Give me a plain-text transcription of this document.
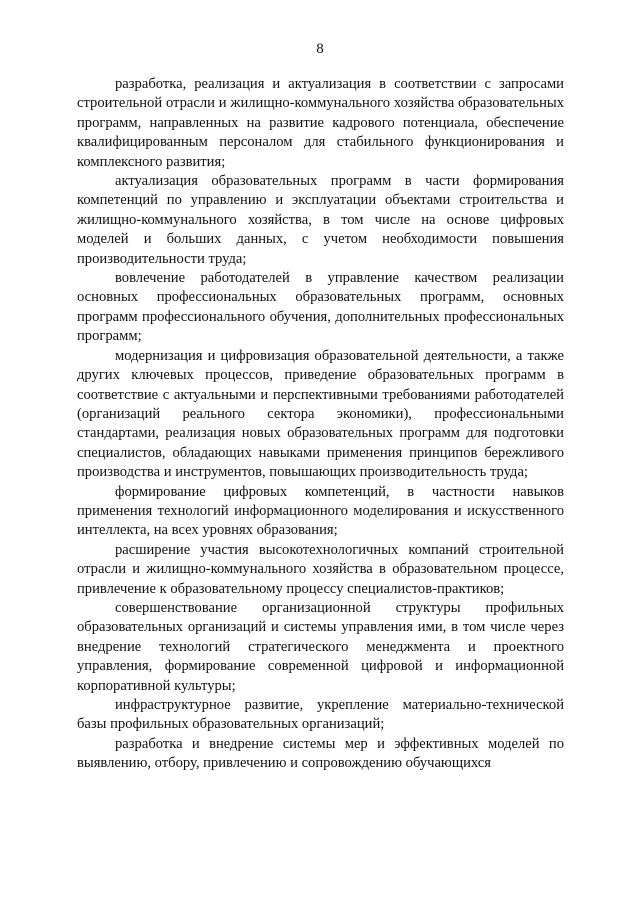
8

разработка, реализация и актуализация в соответствии с запросами строительной отрасли и жилищно-коммунального хозяйства образовательных программ, направленных на развитие кадрового потенциала, обеспечение квалифицированным персоналом для стабильного функционирования и комплексного развития;

актуализация образовательных программ в части формирования компетенций по управлению и эксплуатации объектами строительства и жилищно-коммунального хозяйства, в том числе на основе цифровых моделей и больших данных, с учетом необходимости повышения производительности труда;

вовлечение работодателей в управление качеством реализации основных профессиональных образовательных программ, основных программ профессионального обучения, дополнительных профессиональных программ;

модернизация и цифровизация образовательной деятельности, а также других ключевых процессов, приведение образовательных программ в соответствие с актуальными и перспективными требованиями работодателей (организаций реального сектора экономики), профессиональными стандартами, реализация новых образовательных программ для подготовки специалистов, обладающих навыками применения принципов бережливого производства и инструментов, повышающих производительность труда;

формирование цифровых компетенций, в частности навыков применения технологий информационного моделирования и искусственного интеллекта, на всех уровнях образования;

расширение участия высокотехнологичных компаний строительной отрасли и жилищно-коммунального хозяйства в образовательном процессе, привлечение к образовательному процессу специалистов-практиков;

совершенствование организационной структуры профильных образовательных организаций и системы управления ими, в том числе через внедрение технологий стратегического менеджмента и проектного управления, формирование современной цифровой и информационной корпоративной культуры;

инфраструктурное развитие, укрепление материально-технической базы профильных образовательных организаций;

разработка и внедрение системы мер и эффективных моделей по выявлению, отбору, привлечению и сопровождению обучающихся
